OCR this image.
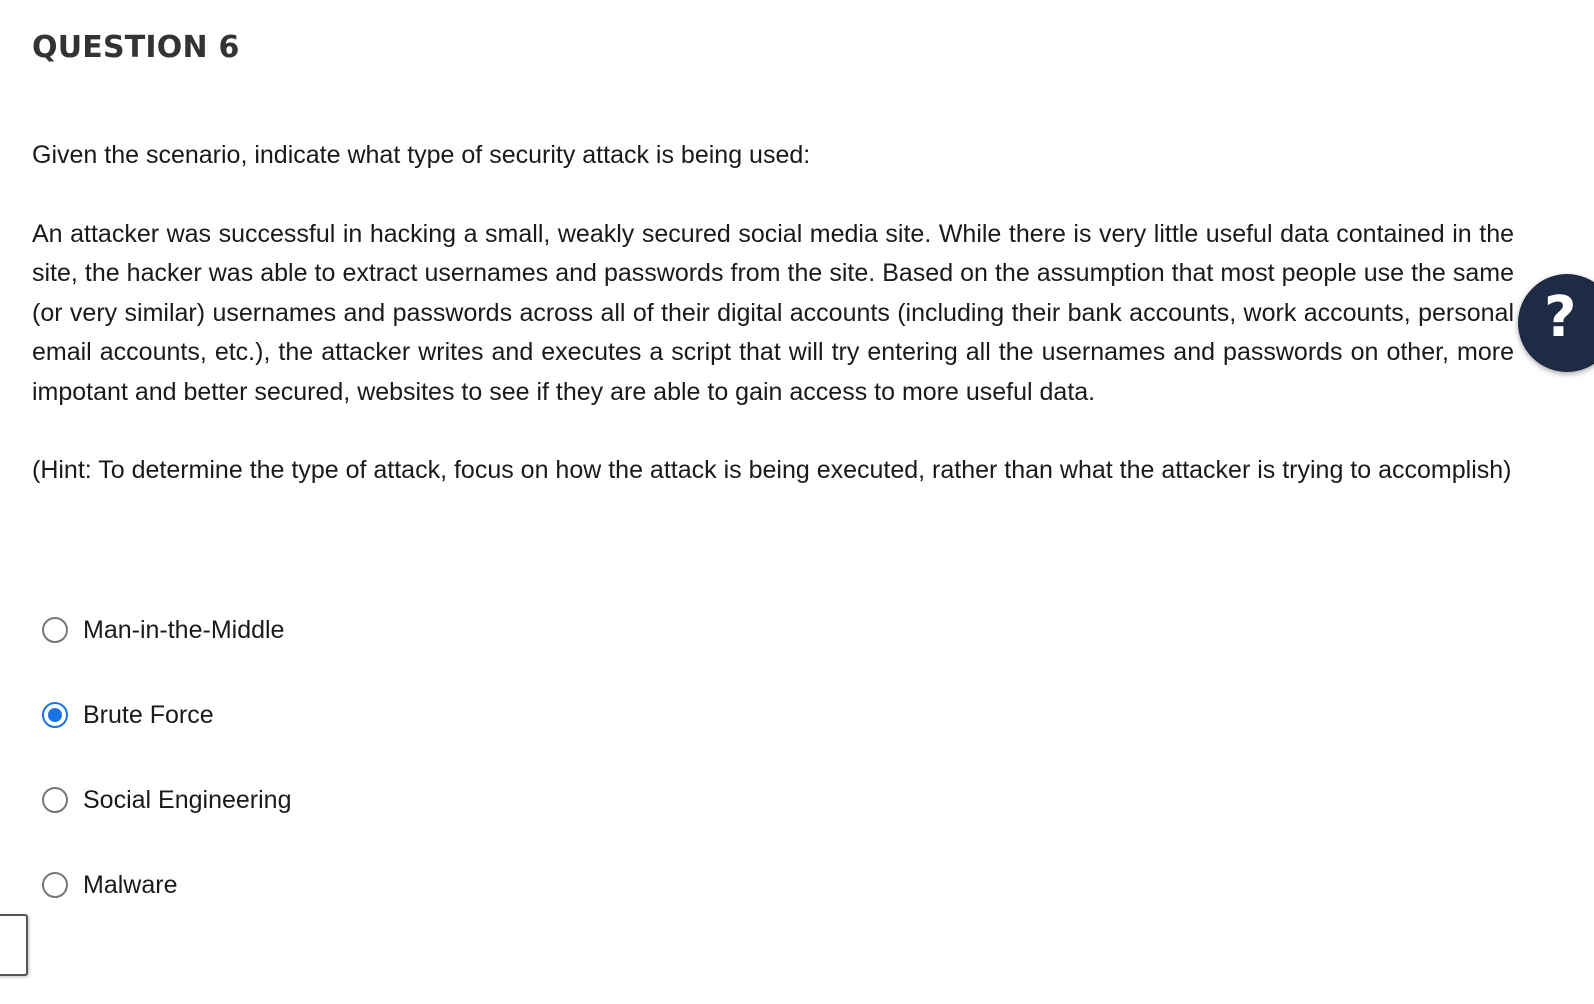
QUESTION 6

Given the scenario, indicate what type of security attack is being used:

An attacker was successful in hacking a small, weakly secured social media site. While there is very little useful data contained in the site, the hacker was able to extract usernames and passwords from the site. Based on the assumption that most people use the same (or very similar) usernames and passwords across all of their digital accounts (including their bank accounts, work accounts, personal email accounts, etc.), the attacker writes and executes a script that will try entering all the usernames and passwords on other, more impotant and better secured, websites to see if they are able to gain access to more useful data.

(Hint: To determine the type of attack, focus on how the attack is being executed, rather than what the attacker is trying to accomplish)

Man-in-the-Middle
Brute Force
Social Engineering
Malware
?
